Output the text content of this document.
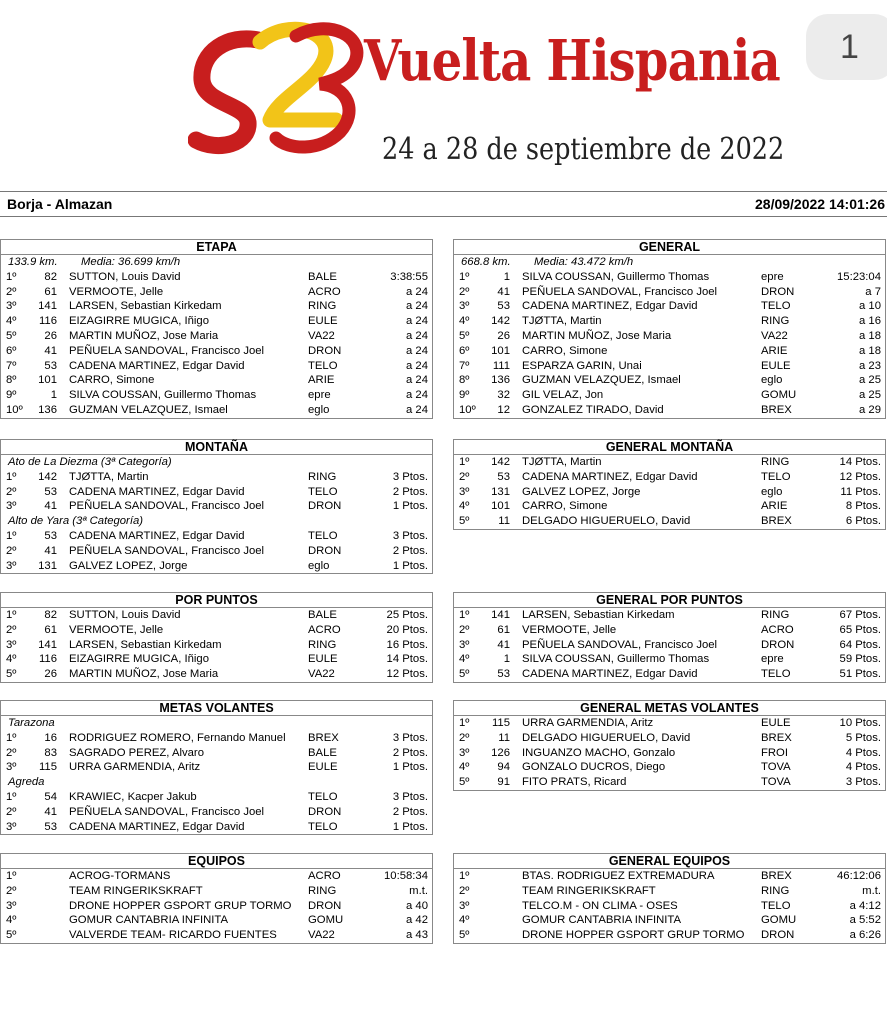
1
Vuelta Hispania
24 a 28 de septiembre de 2022
Borja - Almazan	28/09/2022 14:01:26
ETAPA
133.9 km.	Media: 36.699 km/h
1º	82	SUTTON, Louis David	BALE	3:38:55
2º	61	VERMOOTE, Jelle	ACRO	a 24
3º	141	LARSEN, Sebastian Kirkedam	RING	a 24
4º	116	EIZAGIRRE MUGICA, Iñigo	EULE	a 24
5º	26	MARTIN MUÑOZ, Jose Maria	VA22	a 24
6º	41	PEÑUELA SANDOVAL, Francisco Joel	DRON	a 24
7º	53	CADENA MARTINEZ, Edgar David	TELO	a 24
8º	101	CARRO, Simone	ARIE	a 24
9º	1	SILVA COUSSAN, Guillermo Thomas	epre	a 24
10º	136	GUZMAN VELAZQUEZ, Ismael	eglo	a 24
GENERAL
668.8 km.	Media: 43.472 km/h
1º	1	SILVA COUSSAN, Guillermo Thomas	epre	15:23:04
2º	41	PEÑUELA SANDOVAL, Francisco Joel	DRON	a 7
3º	53	CADENA MARTINEZ, Edgar David	TELO	a 10
4º	142	TJØTTA, Martin	RING	a 16
5º	26	MARTIN MUÑOZ, Jose Maria	VA22	a 18
6º	101	CARRO, Simone	ARIE	a 18
7º	111	ESPARZA GARIN, Unai	EULE	a 23
8º	136	GUZMAN VELAZQUEZ, Ismael	eglo	a 25
9º	32	GIL VELAZ, Jon	GOMU	a 25
10º	12	GONZALEZ TIRADO, David	BREX	a 29
MONTAÑA
Ato de La Diezma (3ª Categoría)
1º	142	TJØTTA, Martin	RING	3 Ptos.
2º	53	CADENA MARTINEZ, Edgar David	TELO	2 Ptos.
3º	41	PEÑUELA SANDOVAL, Francisco Joel	DRON	1 Ptos.
Alto de Yara (3ª Categoría)
1º	53	CADENA MARTINEZ, Edgar David	TELO	3 Ptos.
2º	41	PEÑUELA SANDOVAL, Francisco Joel	DRON	2 Ptos.
3º	131	GALVEZ LOPEZ, Jorge	eglo	1 Ptos.
GENERAL MONTAÑA
1º	142	TJØTTA, Martin	RING	14 Ptos.
2º	53	CADENA MARTINEZ, Edgar David	TELO	12 Ptos.
3º	131	GALVEZ LOPEZ, Jorge	eglo	11 Ptos.
4º	101	CARRO, Simone	ARIE	8 Ptos.
5º	11	DELGADO HIGUERUELO, David	BREX	6 Ptos.
POR PUNTOS
1º	82	SUTTON, Louis David	BALE	25 Ptos.
2º	61	VERMOOTE, Jelle	ACRO	20 Ptos.
3º	141	LARSEN, Sebastian Kirkedam	RING	16 Ptos.
4º	116	EIZAGIRRE MUGICA, Iñigo	EULE	14 Ptos.
5º	26	MARTIN MUÑOZ, Jose Maria	VA22	12 Ptos.
GENERAL POR PUNTOS
1º	141	LARSEN, Sebastian Kirkedam	RING	67 Ptos.
2º	61	VERMOOTE, Jelle	ACRO	65 Ptos.
3º	41	PEÑUELA SANDOVAL, Francisco Joel	DRON	64 Ptos.
4º	1	SILVA COUSSAN, Guillermo Thomas	epre	59 Ptos.
5º	53	CADENA MARTINEZ, Edgar David	TELO	51 Ptos.
METAS VOLANTES
Tarazona
1º	16	RODRIGUEZ ROMERO, Fernando Manuel	BREX	3 Ptos.
2º	83	SAGRADO PEREZ, Alvaro	BALE	2 Ptos.
3º	115	URRA GARMENDIA, Aritz	EULE	1 Ptos.
Agreda
1º	54	KRAWIEC, Kacper Jakub	TELO	3 Ptos.
2º	41	PEÑUELA SANDOVAL, Francisco Joel	DRON	2 Ptos.
3º	53	CADENA MARTINEZ, Edgar David	TELO	1 Ptos.
GENERAL METAS VOLANTES
1º	115	URRA GARMENDIA, Aritz	EULE	10 Ptos.
2º	11	DELGADO HIGUERUELO, David	BREX	5 Ptos.
3º	126	INGUANZO MACHO, Gonzalo	FROI	4 Ptos.
4º	94	GONZALO DUCROS, Diego	TOVA	4 Ptos.
5º	91	FITO PRATS, Ricard	TOVA	3 Ptos.
EQUIPOS
1º	ACROG-TORMANS	ACRO	10:58:34
2º	TEAM RINGERIKSKRAFT	RING	m.t.
3º	DRONE HOPPER GSPORT GRUP TORMO	DRON	a 40
4º	GOMUR CANTABRIA INFINITA	GOMU	a 42
5º	VALVERDE TEAM- RICARDO FUENTES	VA22	a 43
GENERAL EQUIPOS
1º	BTAS. RODRIGUEZ EXTREMADURA	BREX	46:12:06
2º	TEAM RINGERIKSKRAFT	RING	m.t.
3º	TELCO.M - ON CLIMA - OSES	TELO	a 4:12
4º	GOMUR CANTABRIA INFINITA	GOMU	a 5:52
5º	DRONE HOPPER GSPORT GRUP TORMO	DRON	a 6:26
